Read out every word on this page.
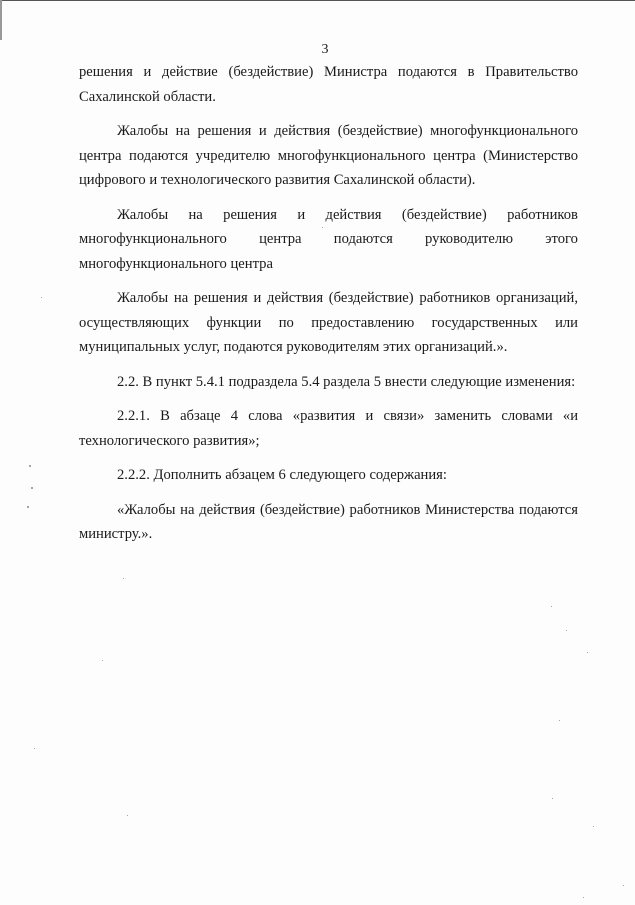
3

решения и действие (бездействие) Министра подаются в Правительство Сахалинской области.

Жалобы на решения и действия (бездействие) многофункционального центра подаются учредителю многофункционального центра (Министерство цифрового и технологического развития Сахалинской области).

Жалобы на решения и действия (бездействие) работников
многофункционального центра подаются руководителю этого
многофункционального центра

Жалобы на решения и действия (бездействие) работников организаций, осуществляющих функции по предоставлению государственных или муниципальных услуг, подаются руководителям этих организаций.».

2.2. В пункт 5.4.1 подраздела 5.4 раздела 5 внести следующие изменения:

2.2.1. В абзаце 4 слова «развития и связи» заменить словами «и технологического развития»;

2.2.2. Дополнить абзацем 6 следующего содержания:

«Жалобы на действия (бездействие) работников Министерства подаются министру.».
